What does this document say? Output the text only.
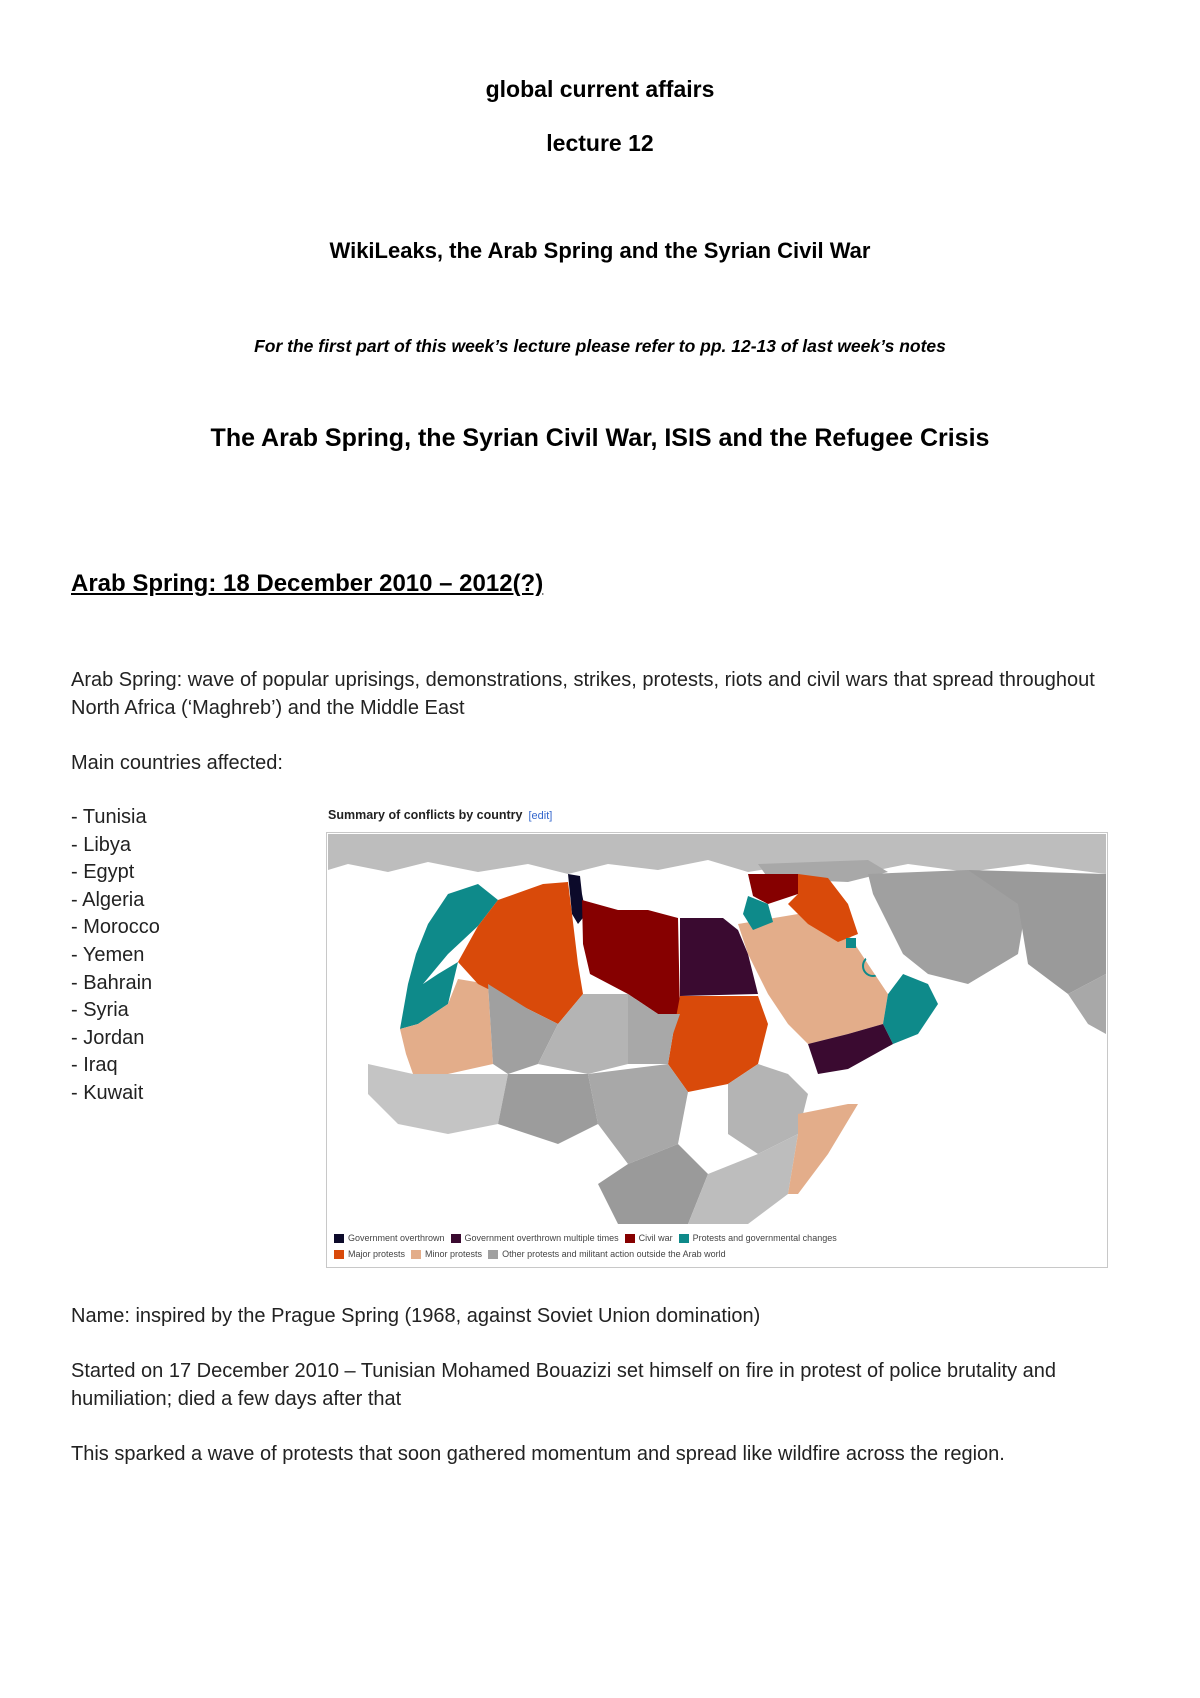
global current affairs
lecture 12
WikiLeaks, the Arab Spring and the Syrian Civil War
For the first part of this week’s lecture please refer to pp. 12-13 of last week’s notes
The Arab Spring, the Syrian Civil War, ISIS and the Refugee Crisis
Arab Spring: 18 December 2010 – 2012(?)
Arab Spring: wave of popular uprisings, demonstrations, strikes, protests, riots and civil wars that spread throughout North Africa (‘Maghreb’) and the Middle East
Main countries affected:
- Tunisia
- Libya
- Egypt
- Algeria
- Morocco
- Yemen
- Bahrain
- Syria
- Jordan
- Iraq
- Kuwait
Summary of conflicts by country [edit]
Government overthrown Government overthrown multiple times Civil war Protests and governmental changes
Major protests Minor protests Other protests and militant action outside the Arab world
Name: inspired by the Prague Spring (1968, against Soviet Union domination)
Started on 17 December 2010 – Tunisian Mohamed Bouazizi set himself on fire in protest of police brutality and humiliation; died a few days after that
This sparked a wave of protests that soon gathered momentum and spread like wildfire across the region.
